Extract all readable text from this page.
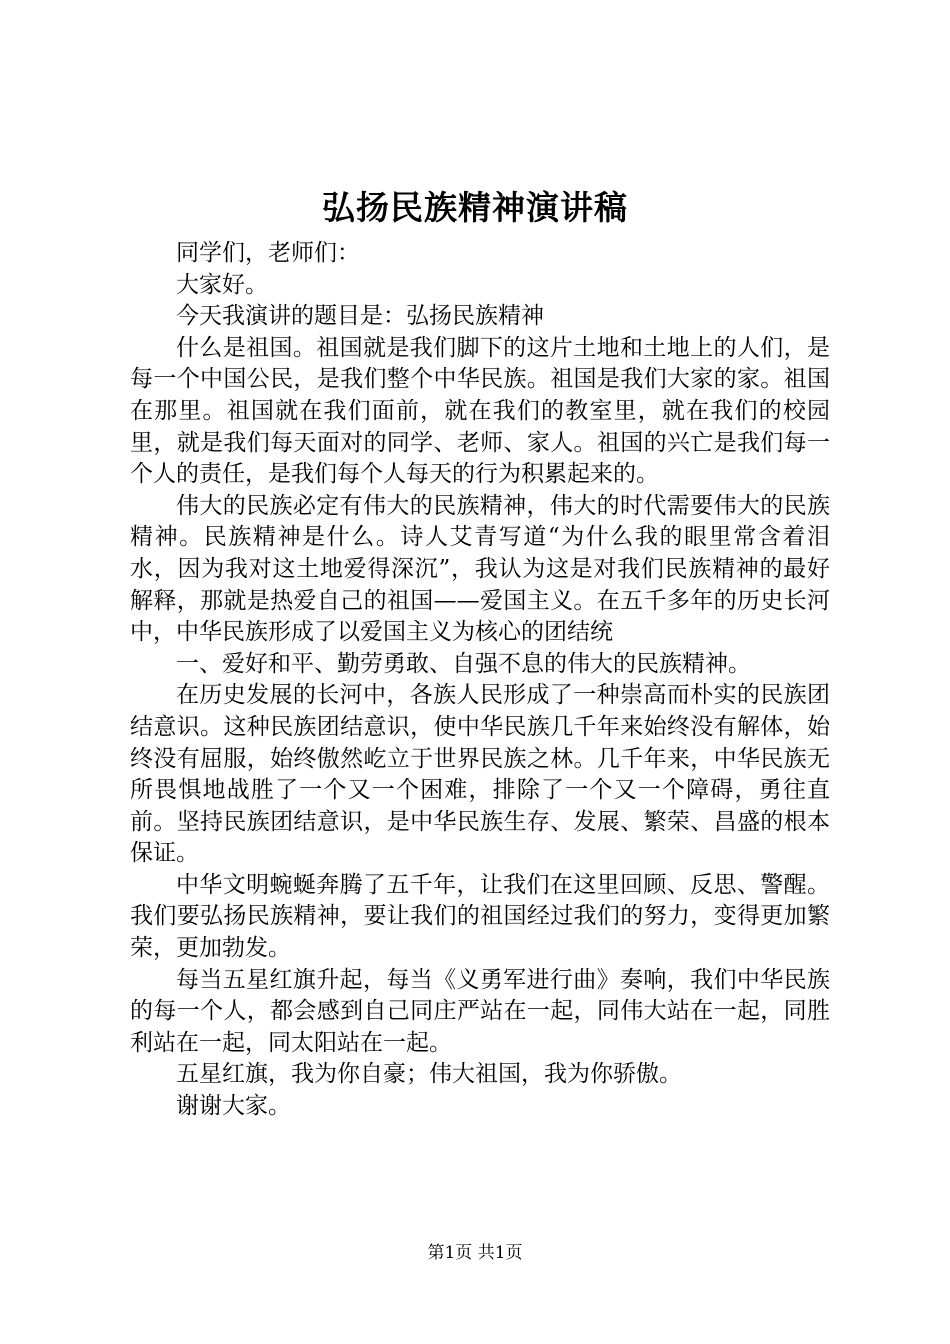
弘扬民族精神演讲稿

同学们，老师们：

大家好。

今天我演讲的题目是：弘扬民族精神

什么是祖国。祖国就是我们脚下的这片土地和土地上的人们，是每一个中国公民，是我们整个中华民族。祖国是我们大家的家。祖国在那里。祖国就在我们面前，就在我们的教室里，就在我们的校园里，就是我们每天面对的同学、老师、家人。祖国的兴亡是我们每一个人的责任，是我们每个人每天的行为积累起来的。

伟大的民族必定有伟大的民族精神，伟大的时代需要伟大的民族精神。民族精神是什么。诗人艾青写道“为什么我的眼里常含着泪水，因为我对这土地爱得深沉”，我认为这是对我们民族精神的最好解释，那就是热爱自己的祖国——爱国主义。在五千多年的历史长河中，中华民族形成了以爱国主义为核心的团结统

一、爱好和平、勤劳勇敢、自强不息的伟大的民族精神。

在历史发展的长河中，各族人民形成了一种崇高而朴实的民族团结意识。这种民族团结意识，使中华民族几千年来始终没有解体，始终没有屈服，始终傲然屹立于世界民族之林。几千年来，中华民族无所畏惧地战胜了一个又一个困难，排除了一个又一个障碍，勇往直前。坚持民族团结意识，是中华民族生存、发展、繁荣、昌盛的根本保证。

中华文明蜿蜒奔腾了五千年，让我们在这里回顾、反思、警醒。我们要弘扬民族精神，要让我们的祖国经过我们的努力，变得更加繁荣，更加勃发。

每当五星红旗升起，每当《义勇军进行曲》奏响，我们中华民族的每一个人，都会感到自己同庄严站在一起，同伟大站在一起，同胜利站在一起，同太阳站在一起。

五星红旗，我为你自豪；伟大祖国，我为你骄傲。

谢谢大家。

第1页 共1页
